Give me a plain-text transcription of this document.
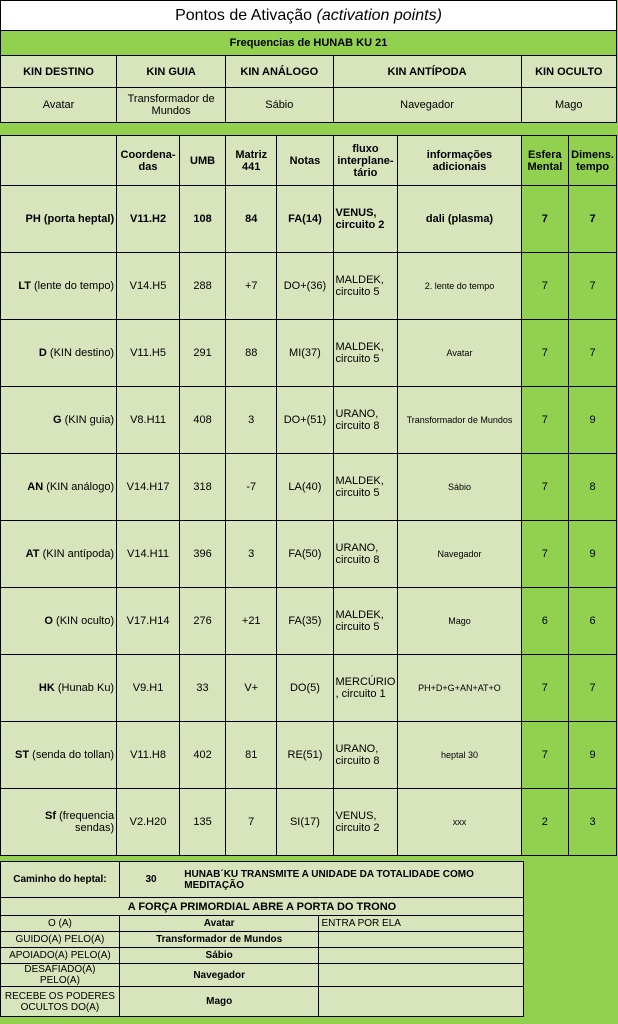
Pontos de Ativação (activation points)								
Frequencias de HUNAB KU 21								
KIN DESTINO	KIN GUIA		KIN ANÁLOGO		KIN ANTÍPODA		KIN OCULTO	
Avatar	Transformador de Mundos		Sábio		Navegador		Mago	

	Coordena-das	UMB	Matriz 441	Notas	fluxo interplane-tário	informações adicionais	Esfera Mental	Dimens. tempo
PH (porta heptal)	V11.H2	108	84	FA(14)	VENUS, circuito 2	dali (plasma)	7	7
LT (lente do tempo)	V14.H5	288	+7	DO+(36)	MALDEK, circuito 5	2. lente do tempo	7	7
D (KIN destino)	V11.H5	291	88	MI(37)	MALDEK, circuito 5	Avatar	7	7
G (KIN guia)	V8.H11	408	3	DO+(51)	URANO, circuito 8	Transformador de Mundos	7	9
AN (KIN análogo)	V14.H17	318	-7	LA(40)	MALDEK, circuito 5	Sábio	7	8
AT (KIN antípoda)	V14.H11	396	3	FA(50)	URANO, circuito 8	Navegador	7	9
O (KIN oculto)	V17.H14	276	+21	FA(35)	MALDEK, circuito 5	Mago	6	6
HK (Hunab Ku)	V9.H1	33	V+	DO(5)	MERCÚRIO , circuito 1	PH+D+G+AN+AT+O	7	7
ST (senda do tollan)	V11.H8	402	81	RE(51)	URANO, circuito 8	heptal 30	7	9
Sf (frequencia sendas)	V2.H20	135	7	SI(17)	VENUS, circuito 2	xxx	2	3
Caminho do heptal:	30	HUNAB´KU TRANSMITE A UNIDADE DA TOTALIDADE COMO MEDITAÇÃO	
A FORÇA PRIMORDIAL ABRE A PORTA DO TRONO			
O (A)	Avatar		ENTRA POR ELA
GUIDO(A) PELO(A)	Transformador de Mundos		
APOIADO(A) PELO(A)	Sábio		
DESAFIADO(A) PELO(A)	Navegador		
RECEBE OS PODERES OCULTOS DO(A)	Mago		
